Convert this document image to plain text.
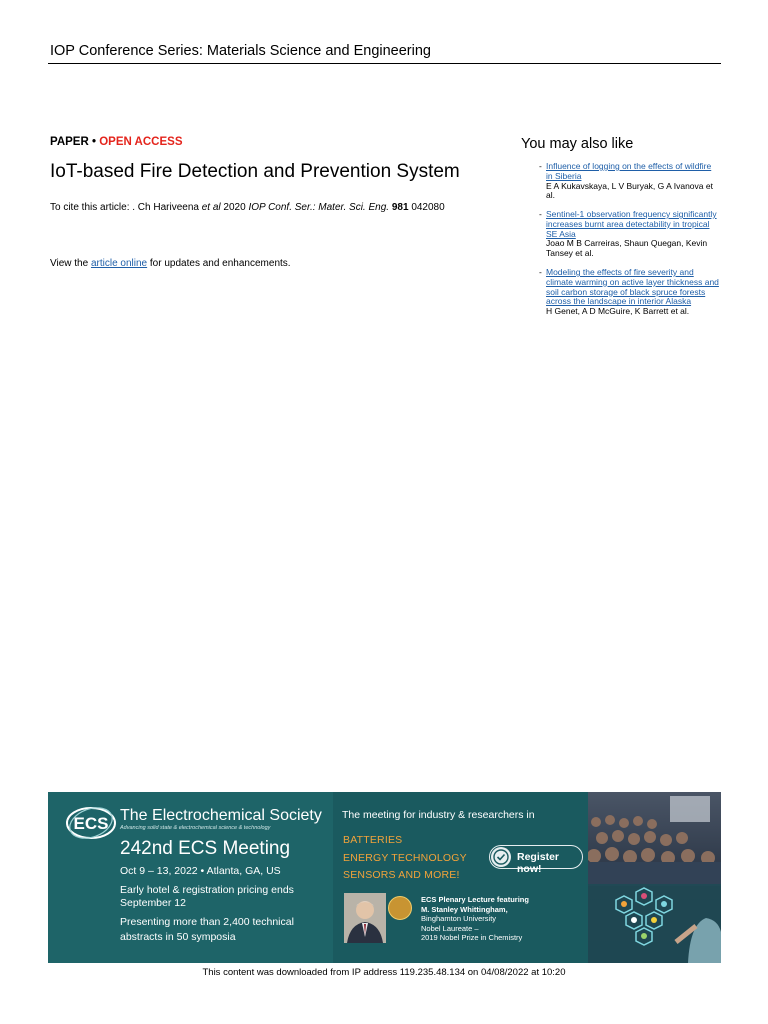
IOP Conference Series: Materials Science and Engineering
PAPER • OPEN ACCESS
IoT-based Fire Detection and Prevention System
To cite this article: . Ch Hariveena et al 2020 IOP Conf. Ser.: Mater. Sci. Eng. 981 042080
View the article online for updates and enhancements.
You may also like
- Influence of logging on the effects of wildfire in Siberia
E A Kukavskaya, L V Buryak, G A Ivanova et al.
- Sentinel-1 observation frequency significantly increases burnt area detectability in tropical SE Asia
Joao M B Carreiras, Shaun Quegan, Kevin Tansey et al.
- Modeling the effects of fire severity and climate warming on active layer thickness and soil carbon storage of black spruce forests across the landscape in interior Alaska
H Genet, A D McGuire, K Barrett et al.
ECS The Electrochemical Society
Advancing solid state & electrochemical science & technology
242nd ECS Meeting
Oct 9 – 13, 2022 • Atlanta, GA, US
Early hotel & registration pricing ends September 12
Presenting more than 2,400 technical abstracts in 50 symposia
The meeting for industry & researchers in
BATTERIES
ENERGY TECHNOLOGY
SENSORS AND MORE!
Register now!
ECS Plenary Lecture featuring
M. Stanley Whittingham,
Binghamton University
Nobel Laureate –
2019 Nobel Prize in Chemistry
This content was downloaded from IP address 119.235.48.134 on 04/08/2022 at 10:20
